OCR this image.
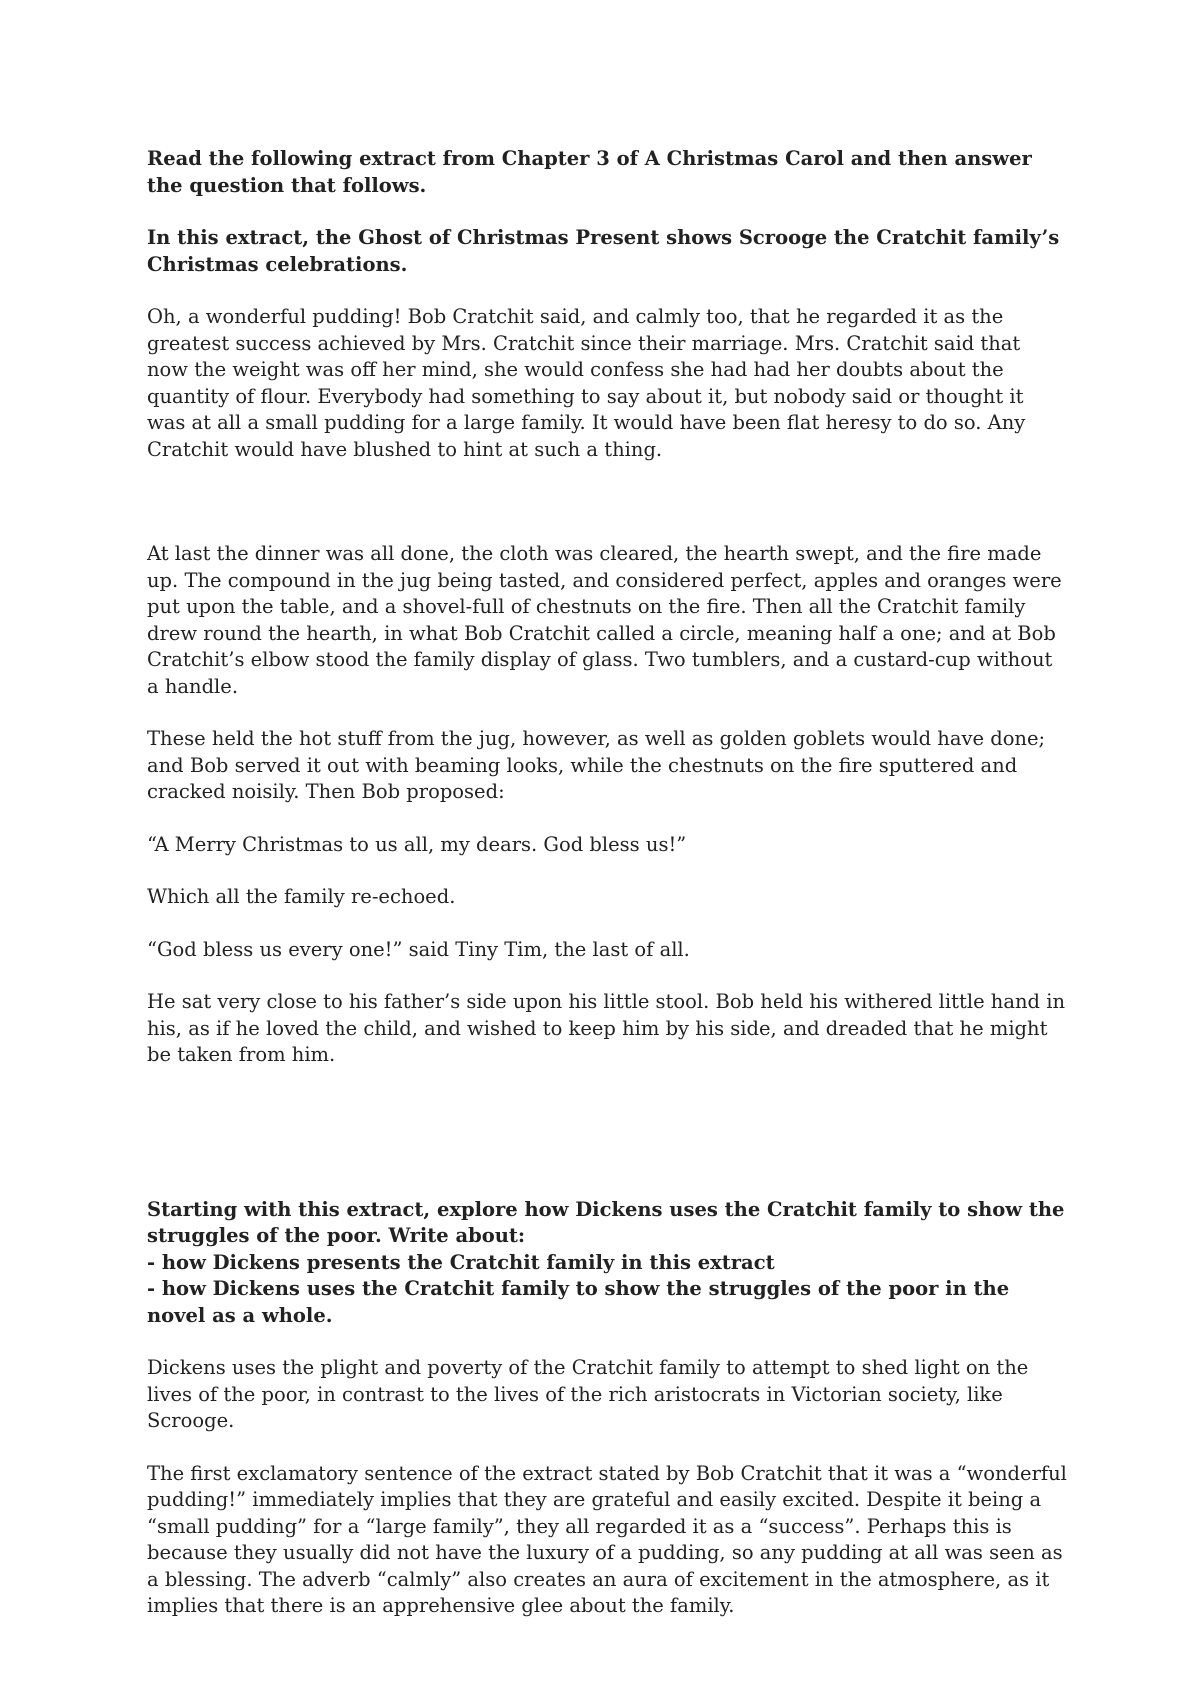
Read the following extract from Chapter 3 of A Christmas Carol and then answer the question that follows.

In this extract, the Ghost of Christmas Present shows Scrooge the Cratchit family’s Christmas celebrations.

Oh, a wonderful pudding! Bob Cratchit said, and calmly too, that he regarded it as the greatest success achieved by Mrs. Cratchit since their marriage. Mrs. Cratchit said that now the weight was off her mind, she would confess she had had her doubts about the quantity of flour. Everybody had something to say about it, but nobody said or thought it was at all a small pudding for a large family. It would have been flat heresy to do so. Any Cratchit would have blushed to hint at such a thing.

At last the dinner was all done, the cloth was cleared, the hearth swept, and the fire made up. The compound in the jug being tasted, and considered perfect, apples and oranges were put upon the table, and a shovel-full of chestnuts on the fire. Then all the Cratchit family drew round the hearth, in what Bob Cratchit called a circle, meaning half a one; and at Bob Cratchit’s elbow stood the family display of glass. Two tumblers, and a custard-cup without a handle.

These held the hot stuff from the jug, however, as well as golden goblets would have done; and Bob served it out with beaming looks, while the chestnuts on the fire sputtered and cracked noisily. Then Bob proposed:

“A Merry Christmas to us all, my dears. God bless us!”

Which all the family re-echoed.

“God bless us every one!” said Tiny Tim, the last of all.

He sat very close to his father’s side upon his little stool. Bob held his withered little hand in his, as if he loved the child, and wished to keep him by his side, and dreaded that he might be taken from him.

Starting with this extract, explore how Dickens uses the Cratchit family to show the struggles of the poor. Write about:
- how Dickens presents the Cratchit family in this extract
- how Dickens uses the Cratchit family to show the struggles of the poor in the novel as a whole.

Dickens uses the plight and poverty of the Cratchit family to attempt to shed light on the lives of the poor, in contrast to the lives of the rich aristocrats in Victorian society, like Scrooge.

The first exclamatory sentence of the extract stated by Bob Cratchit that it was a “wonderful pudding!” immediately implies that they are grateful and easily excited. Despite it being a “small pudding” for a “large family”, they all regarded it as a “success”. Perhaps this is because they usually did not have the luxury of a pudding, so any pudding at all was seen as a blessing. The adverb “calmly” also creates an aura of excitement in the atmosphere, as it implies that there is an apprehensive glee about the family.
